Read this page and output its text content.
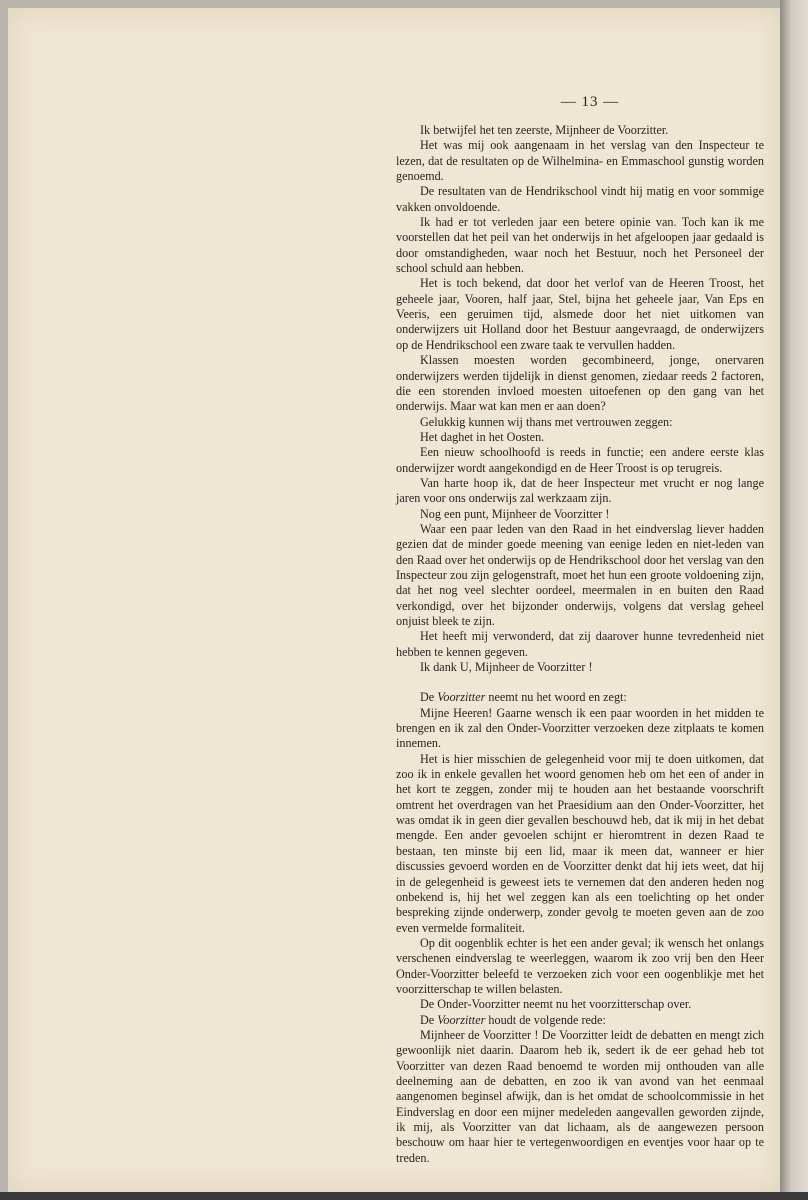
— 13 —

Ik betwijfel het ten zeerste, Mijnheer de Voorzitter.

Het was mij ook aangenaam in het verslag van den Inspecteur te lezen, dat de resultaten op de Wilhelmina- en Emmaschool gunstig worden genoemd.

De resultaten van de Hendrikschool vindt hij matig en voor sommige vakken onvoldoende.

Ik had er tot verleden jaar een betere opinie van. Toch kan ik me voorstellen dat het peil van het onderwijs in het afgeloopen jaar gedaald is door omstandigheden, waar noch het Bestuur, noch het Personeel der school schuld aan hebben.

Het is toch bekend, dat door het verlof van de Heeren Troost, het geheele jaar, Vooren, half jaar, Stel, bijna het geheele jaar, Van Eps en Veeris, een geruimen tijd, alsmede door het niet uitkomen van onderwijzers uit Holland door het Bestuur aangevraagd, de onderwijzers op de Hendrikschool een zware taak te vervullen hadden.

Klassen moesten worden gecombineerd, jonge, onervaren onderwijzers werden tijdelijk in dienst genomen, ziedaar reeds 2 factoren, die een storenden invloed moesten uitoefenen op den gang van het onderwijs. Maar wat kan men er aan doen?

Gelukkig kunnen wij thans met vertrouwen zeggen:

Het daghet in het Oosten.

Een nieuw schoolhoofd is reeds in functie; een andere eerste klas onderwijzer wordt aangekondigd en de Heer Troost is op terugreis.

Van harte hoop ik, dat de heer Inspecteur met vrucht er nog lange jaren voor ons onderwijs zal werkzaam zijn.

Nog een punt, Mijnheer de Voorzitter !

Waar een paar leden van den Raad in het eindverslag liever hadden gezien dat de minder goede meening van eenige leden en niet-leden van den Raad over het onderwijs op de Hendrikschool door het verslag van den Inspecteur zou zijn gelogenstraft, moet het hun een groote voldoening zijn, dat het nog veel slechter oordeel, meermalen in en buiten den Raad verkondigd, over het bijzonder onderwijs, volgens dat verslag geheel onjuist bleek te zijn.

Het heeft mij verwonderd, dat zij daarover hunne tevredenheid niet hebben te kennen gegeven.

Ik dank U, Mijnheer de Voorzitter !

De Voorzitter neemt nu het woord en zegt:

Mijne Heeren! Gaarne wensch ik een paar woorden in het midden te brengen en ik zal den Onder-Voorzitter verzoeken deze zitplaats te komen innemen.

Het is hier misschien de gelegenheid voor mij te doen uitkomen, dat zoo ik in enkele gevallen het woord genomen heb om het een of ander in het kort te zeggen, zonder mij te houden aan het bestaande voorschrift omtrent het overdragen van het Praesidium aan den Onder-Voorzitter, het was omdat ik in geen dier gevallen beschouwd heb, dat ik mij in het debat mengde. Een ander gevoelen schijnt er hieromtrent in dezen Raad te bestaan, ten minste bij een lid, maar ik meen dat, wanneer er hier discussies gevoerd worden en de Voorzitter denkt dat hij iets weet, dat hij in de gelegenheid is geweest iets te vernemen dat den anderen heden nog onbekend is, hij het wel zeggen kan als een toelichting op het onder bespreking zijnde onderwerp, zonder gevolg te moeten geven aan de zoo even vermelde formaliteit.

Op dit oogenblik echter is het een ander geval; ik wensch het onlangs verschenen eindverslag te weerleggen, waarom ik zoo vrij ben den Heer Onder-Voorzitter beleefd te verzoeken zich voor een oogenblikje met het voorzitterschap te willen belasten.

De Onder-Voorzitter neemt nu het voorzitterschap over.

De Voorzitter houdt de volgende rede:

Mijnheer de Voorzitter ! De Voorzitter leidt de debatten en mengt zich gewoonlijk niet daarin. Daarom heb ik, sedert ik de eer gehad heb tot Voorzitter van dezen Raad benoemd te worden mij onthouden van alle deelneming aan de debatten, en zoo ik van avond van het eenmaal aangenomen beginsel afwijk, dan is het omdat de schoolcommissie in het Eindverslag en door een mijner medeleden aangevallen geworden zijnde, ik mij, als Voorzitter van dat lichaam, als de aangewezen persoon beschouw om haar hier te vertegenwoordigen en eventjes voor haar op te treden.
